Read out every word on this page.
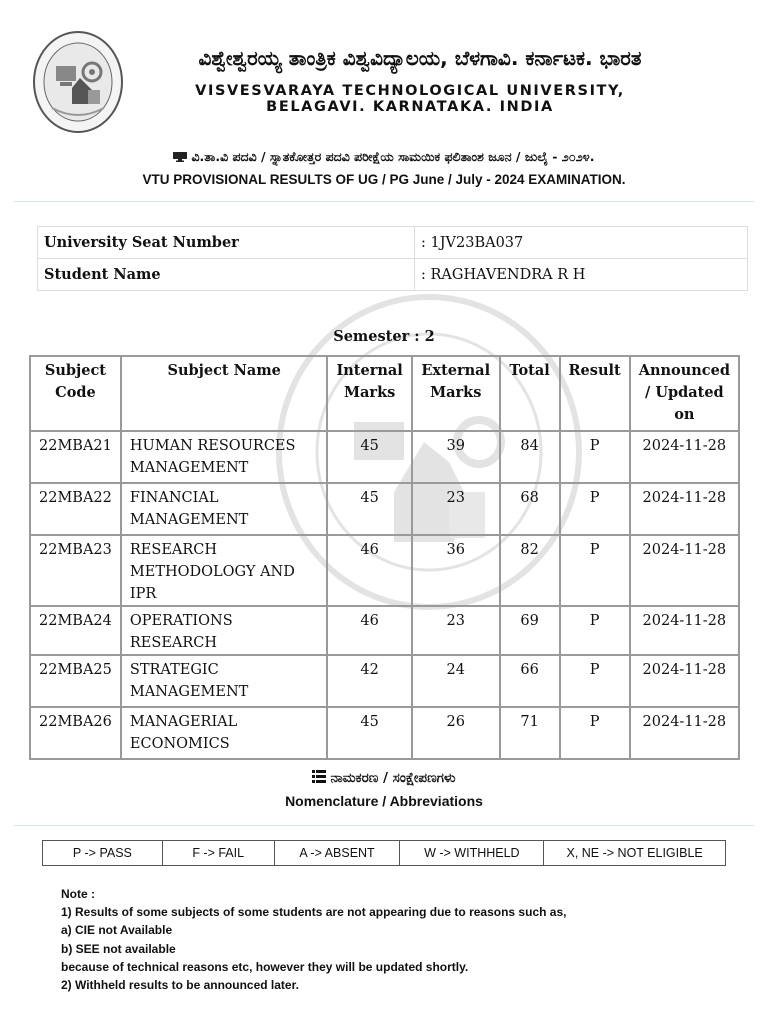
ವಿಶ್ವೇಶ್ವರಯ್ಯ ತಾಂತ್ರಿಕ ವಿಶ್ವವಿದ್ಯಾಲಯ, ಬೆಳಗಾವಿ. ಕರ್ನಾಟಕ. ಭಾರತ
VISVESVARAYA TECHNOLOGICAL UNIVERSITY,
BELAGAVI. KARNATAKA. INDIA
ವಿ.ತಾ.ವಿ ಪದವಿ / ಸ್ನಾತಕೋತ್ತರ ಪದವಿ ಪರೀಕ್ಷೆಯ ಸಾಮಯಿಕ ಫಲಿತಾಂಶ ಜೂನ / ಜುಲೈ - ೨೦೨೪.
VTU PROVISIONAL RESULTS OF UG / PG June / July - 2024 EXAMINATION.
University Seat Number	: 1JV23BA037
Student Name	: RAGHAVENDRA R H
Semester : 2
Subject Code	Subject Name	Internal Marks	External Marks	Total	Result	Announced / Updated on
22MBA21	HUMAN RESOURCES MANAGEMENT	45	39	84	P	2024-11-28
22MBA22	FINANCIAL MANAGEMENT	45	23	68	P	2024-11-28
22MBA23	RESEARCH METHODOLOGY AND IPR	46	36	82	P	2024-11-28
22MBA24	OPERATIONS RESEARCH	46	23	69	P	2024-11-28
22MBA25	STRATEGIC MANAGEMENT	42	24	66	P	2024-11-28
22MBA26	MANAGERIAL ECONOMICS	45	26	71	P	2024-11-28
ನಾಮಕರಣ / ಸಂಕ್ಷೇಪಣಗಳು
Nomenclature / Abbreviations
P -> PASS	F -> FAIL	A -> ABSENT	W -> WITHHELD	X, NE -> NOT ELIGIBLE
Note :
1) Results of some subjects of some students are not appearing due to reasons such as,
a) CIE not Available
b) SEE not available
because of technical reasons etc, however they will be updated shortly.
2) Withheld results to be announced later.
